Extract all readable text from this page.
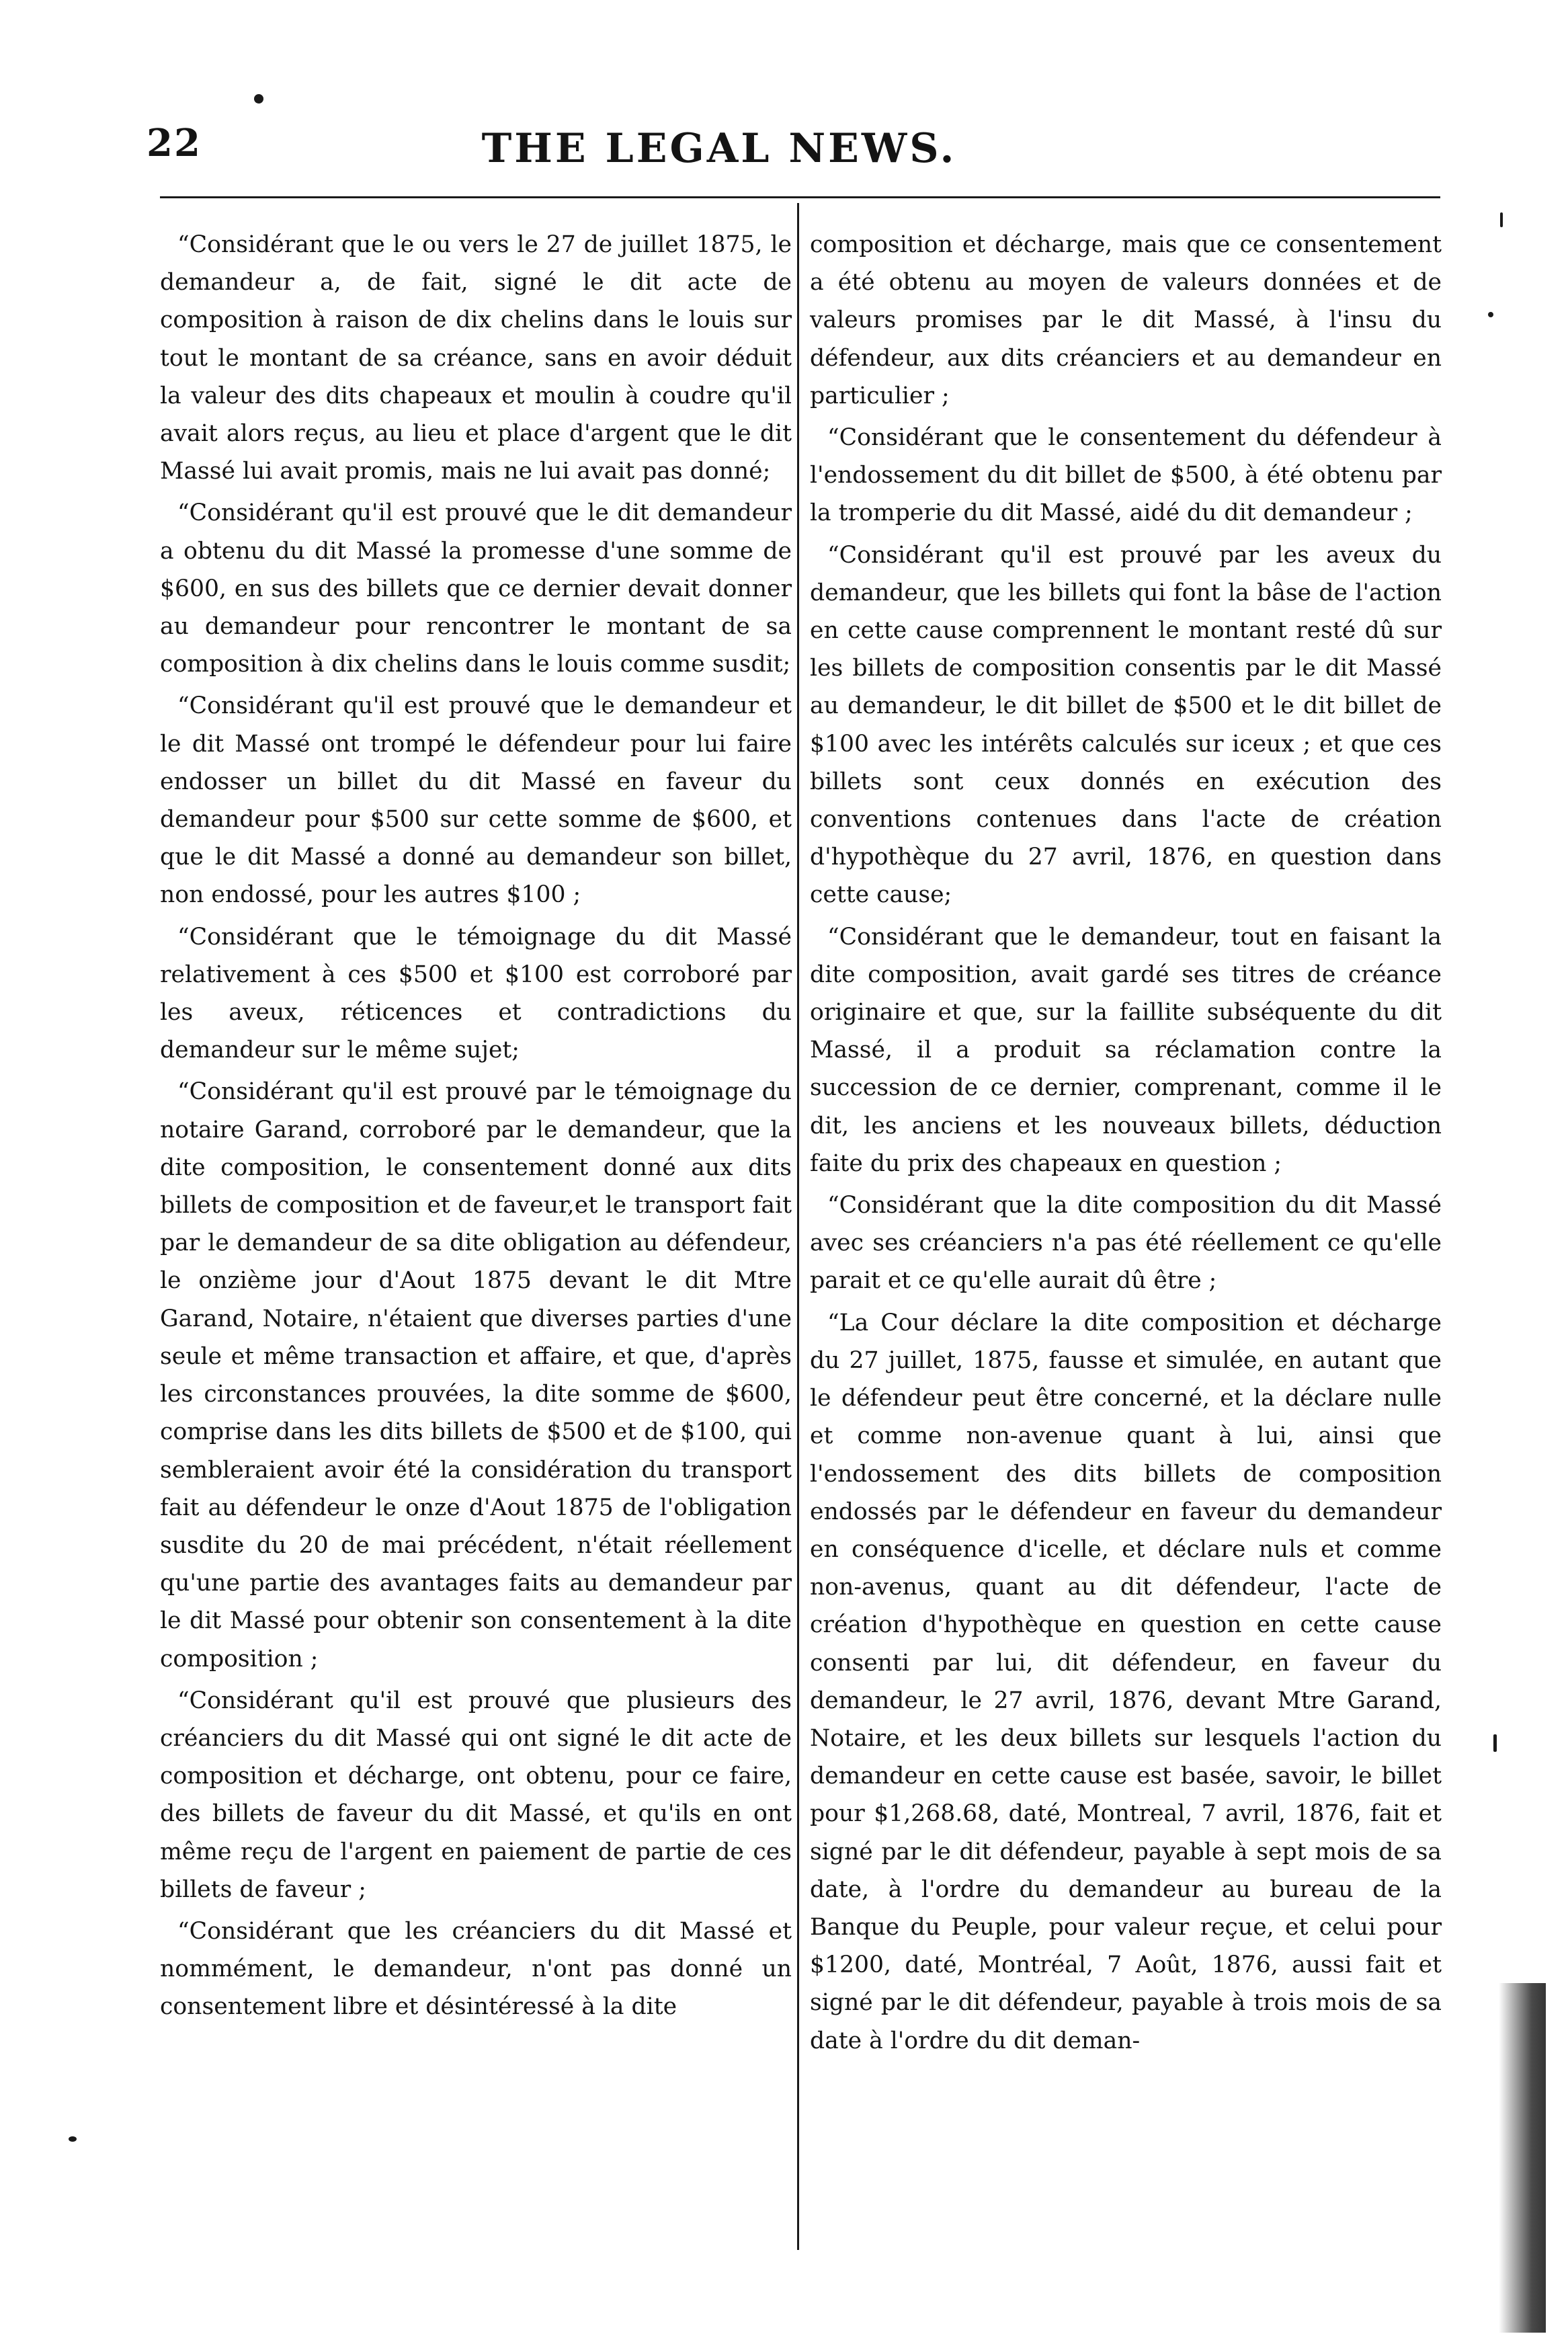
22	THE LEGAL NEWS.

“Considérant que le ou vers le 27 de juillet 1875, le demandeur a, de fait, signé le dit acte de composition à raison de dix chelins dans le louis sur tout le montant de sa créance, sans en avoir déduit la valeur des dits chapeaux et moulin à coudre qu'il avait alors reçus, au lieu et place d'argent que le dit Massé lui avait promis, mais ne lui avait pas donné;

“Considérant qu'il est prouvé que le dit demandeur a obtenu du dit Massé la promesse d'une somme de $600, en sus des billets que ce dernier devait donner au demandeur pour rencontrer le montant de sa composition à dix chelins dans le louis comme susdit;

“Considérant qu'il est prouvé que le demandeur et le dit Massé ont trompé le défendeur pour lui faire endosser un billet du dit Massé en faveur du demandeur pour $500 sur cette somme de $600, et que le dit Massé a donné au demandeur son billet, non endossé, pour les autres $100 ;

“Considérant que le témoignage du dit Massé relativement à ces $500 et $100 est corroboré par les aveux, réticences et contradictions du demandeur sur le même sujet;

“Considérant qu'il est prouvé par le témoignage du notaire Garand, corroboré par le demandeur, que la dite composition, le consentement donné aux dits billets de composition et de faveur,et le transport fait par le demandeur de sa dite obligation au défendeur, le onzième jour d'Aout 1875 devant le dit Mtre Garand, Notaire, n'étaient que diverses parties d'une seule et même transaction et affaire, et que, d'après les circonstances prouvées, la dite somme de $600, comprise dans les dits billets de $500 et de $100, qui sembleraient avoir été la considération du transport fait au défendeur le onze d'Aout 1875 de l'obligation susdite du 20 de mai précédent, n'était réellement qu'une partie des avantages faits au demandeur par le dit Massé pour obtenir son consentement à la dite composition ;

“Considérant qu'il est prouvé que plusieurs des créanciers du dit Massé qui ont signé le dit acte de composition et décharge, ont obtenu, pour ce faire, des billets de faveur du dit Massé, et qu'ils en ont même reçu de l'argent en paiement de partie de ces billets de faveur ;

“Considérant que les créanciers du dit Massé et nommément, le demandeur, n'ont pas donné un consentement libre et désintéressé à la dite

composition et décharge, mais que ce consentement a été obtenu au moyen de valeurs données et de valeurs promises par le dit Massé, à l'insu du défendeur, aux dits créanciers et au demandeur en particulier ;

“Considérant que le consentement du défendeur à l'endossement du dit billet de $500, à été obtenu par la tromperie du dit Massé, aidé du dit demandeur ;

“Considérant qu'il est prouvé par les aveux du demandeur, que les billets qui font la bâse de l'action en cette cause comprennent le montant resté dû sur les billets de composition consentis par le dit Massé au demandeur, le dit billet de $500 et le dit billet de $100 avec les intérêts calculés sur iceux ; et que ces billets sont ceux donnés en exécution des conventions contenues dans l'acte de création d'hypothèque du 27 avril, 1876, en question dans cette cause;

“Considérant que le demandeur, tout en faisant la dite composition, avait gardé ses titres de créance originaire et que, sur la faillite subséquente du dit Massé, il a produit sa réclamation contre la succession de ce dernier, comprenant, comme il le dit, les anciens et les nouveaux billets, déduction faite du prix des chapeaux en question ;

“Considérant que la dite composition du dit Massé avec ses créanciers n'a pas été réellement ce qu'elle parait et ce qu'elle aurait dû être ;

“La Cour déclare la dite composition et décharge du 27 juillet, 1875, fausse et simulée, en autant que le défendeur peut être concerné, et la déclare nulle et comme non-avenue quant à lui, ainsi que l'endossement des dits billets de composition endossés par le défendeur en faveur du demandeur en conséquence d'icelle, et déclare nuls et comme non-avenus, quant au dit défendeur, l'acte de création d'hypothèque en question en cette cause consenti par lui, dit défendeur, en faveur du demandeur, le 27 avril, 1876, devant Mtre Garand, Notaire, et les deux billets sur lesquels l'action du demandeur en cette cause est basée, savoir, le billet pour $1,268.68, daté, Montreal, 7 avril, 1876, fait et signé par le dit défendeur, payable à sept mois de sa date, à l'ordre du demandeur au bureau de la Banque du Peuple, pour valeur reçue, et celui pour $1200, daté, Montréal, 7 Août, 1876, aussi fait et signé par le dit défendeur, payable à trois mois de sa date à l'ordre du dit deman-
